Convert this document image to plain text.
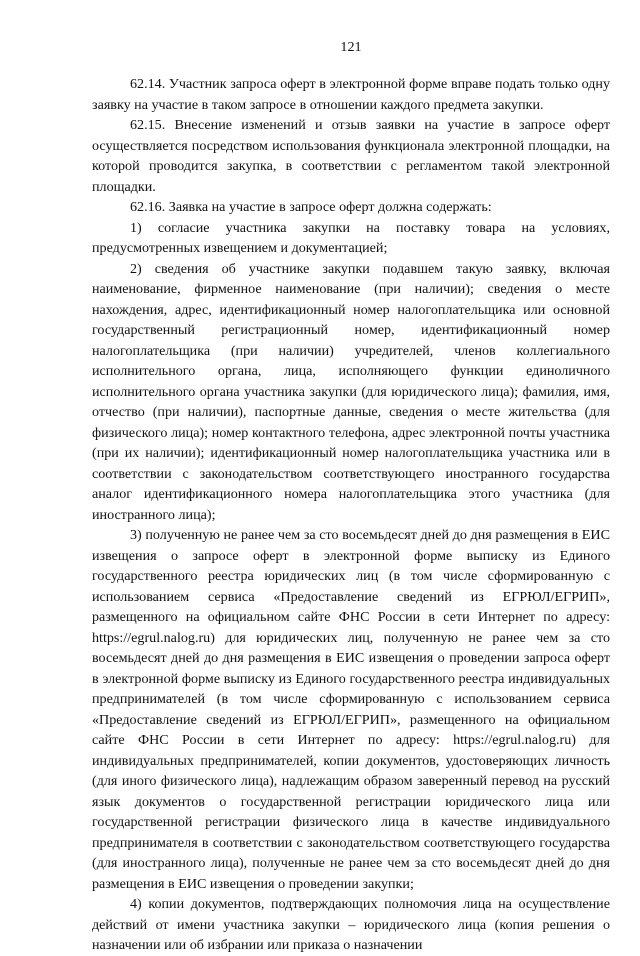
121

62.14. Участник запроса оферт в электронной форме вправе подать только одну заявку на участие в таком запросе в отношении каждого предмета закупки.

62.15. Внесение изменений и отзыв заявки на участие в запросе оферт осуществляется посредством использования функционала электронной площадки, на которой проводится закупка, в соответствии с регламентом такой электронной площадки.

62.16. Заявка на участие в запросе оферт должна содержать:

1) согласие участника закупки на поставку товара на условиях, предусмотренных извещением и документацией;

2) сведения об участнике закупки подавшем такую заявку, включая наименование, фирменное наименование (при наличии); сведения о месте нахождения, адрес, идентификационный номер налогоплательщика или основной государственный регистрационный номер, идентификационный номер налогоплательщика (при наличии) учредителей, членов коллегиального исполнительного органа, лица, исполняющего функции единоличного исполнительного органа участника закупки (для юридического лица); фамилия, имя, отчество (при наличии), паспортные данные, сведения о месте жительства (для физического лица); номер контактного телефона, адрес электронной почты участника (при их наличии); идентификационный номер налогоплательщика участника или в соответствии с законодательством соответствующего иностранного государства аналог идентификационного номера налогоплательщика этого участника (для иностранного лица);

3) полученную не ранее чем за сто восемьдесят дней до дня размещения в ЕИС извещения о запросе оферт в электронной форме выписку из Единого государственного реестра юридических лиц (в том числе сформированную с использованием сервиса «Предоставление сведений из ЕГРЮЛ/ЕГРИП», размещенного на официальном сайте ФНС России в сети Интернет по адресу: https://egrul.nalog.ru) для юридических лиц, полученную не ранее чем за сто восемьдесят дней до дня размещения в ЕИС извещения о проведении запроса оферт в электронной форме выписку из Единого государственного реестра индивидуальных предпринимателей (в том числе сформированную с использованием сервиса «Предоставление сведений из ЕГРЮЛ/ЕГРИП», размещенного на официальном сайте ФНС России в сети Интернет по адресу: https://egrul.nalog.ru) для индивидуальных предпринимателей, копии документов, удостоверяющих личность (для иного физического лица), надлежащим образом заверенный перевод на русский язык документов о государственной регистрации юридического лица или государственной регистрации физического лица в качестве индивидуального предпринимателя в соответствии с законодательством соответствующего государства (для иностранного лица), полученные не ранее чем за сто восемьдесят дней до дня размещения в ЕИС извещения о проведении закупки;

4) копии документов, подтверждающих полномочия лица на осуществление действий от имени участника закупки – юридического лица (копия решения о назначении или об избрании или приказа о назначении
